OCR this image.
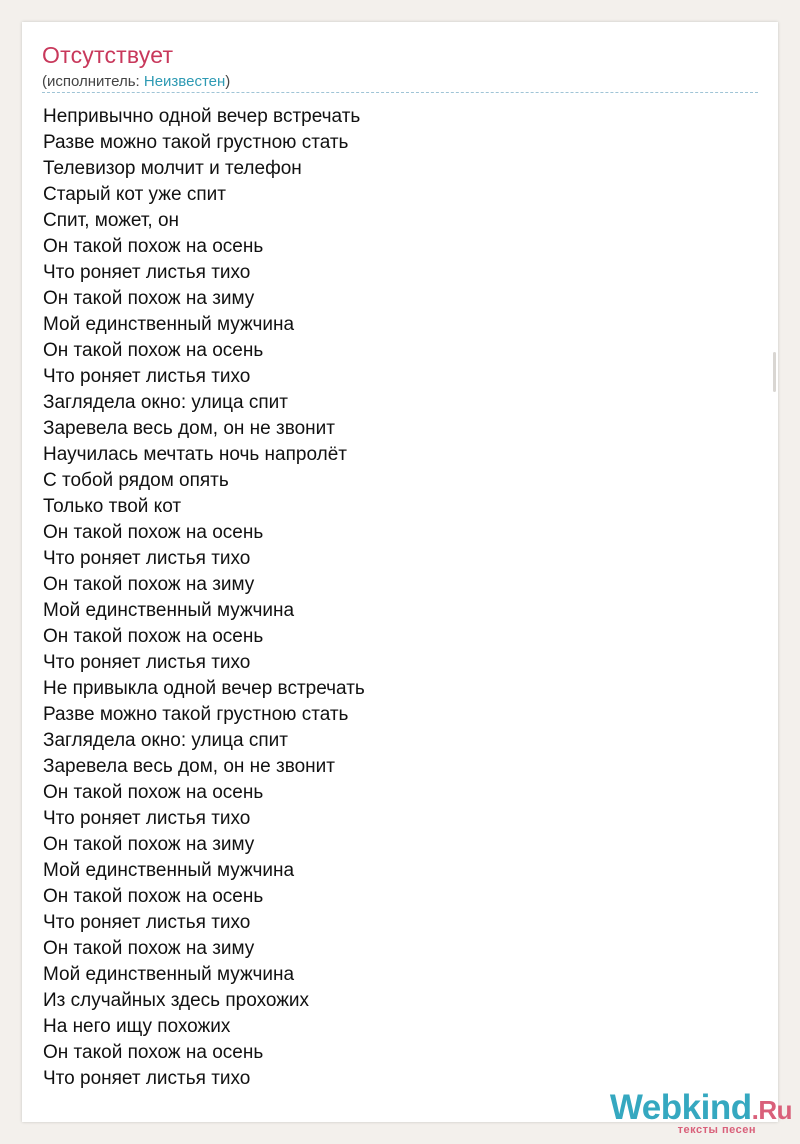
Отсутствует
(исполнитель: Неизвестен)
Непривычно одной вечер встречать
Разве можно такой грустною стать
Телевизор молчит и телефон
Старый кот уже спит
Спит, может, он
Он такой похож на осень
Что роняет листья тихо
Он такой похож на зиму
Мой единственный мужчина
Он такой похож на осень
Что роняет листья тихо
Заглядела окно: улица спит
Заревела весь дом, он не звонит
Научилась мечтать ночь напролёт
С тобой рядом опять
Только твой кот
Он такой похож на осень
Что роняет листья тихо
Он такой похож на зиму
Мой единственный мужчина
Он такой похож на осень
Что роняет листья тихо
Не привыкла одной вечер встречать
Разве можно такой грустною стать
Заглядела окно: улица спит
Заревела весь дом, он не звонит
Он такой похож на осень
Что роняет листья тихо
Он такой похож на зиму
Мой единственный мужчина
Он такой похож на осень
Что роняет листья тихо
Он такой похож на зиму
Мой единственный мужчина
Из случайных здесь прохожих
На него ищу похожих
Он такой похож на осень
Что роняет листья тихо
Webkind.Ru
тексты песен
